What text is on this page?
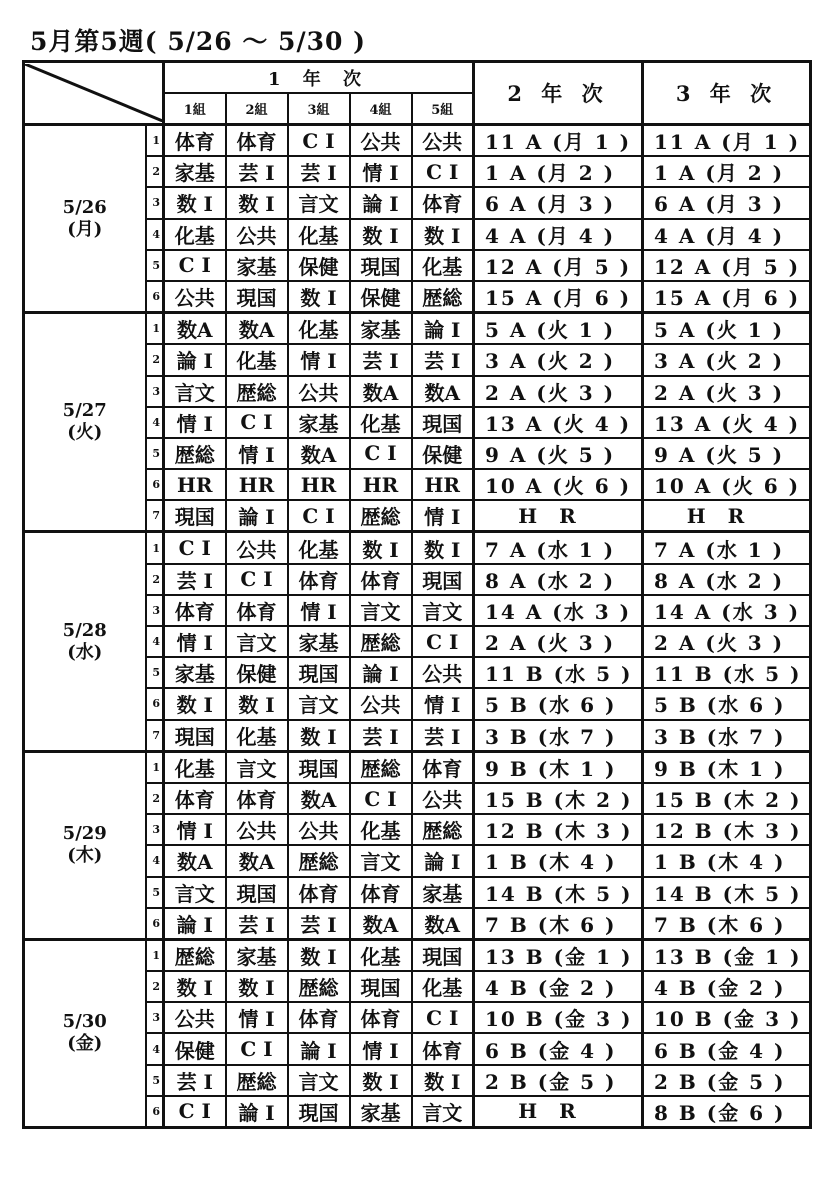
5月第5週( 5/26 〜 5/30 )
	1 年 次					2 年 次	3 年 次
		1組	2組	3組	4組	5組		

5/26
(月)	1	体育	体育	C I	公共	公共	11 A (月 1 )	11 A (月 1 )
	2	家基	芸 I	芸 I	情 I	C I	1 A (月 2 )	1 A (月 2 )
	3	数 I	数 I	言文	論 I	体育	6 A (月 3 )	6 A (月 3 )
	4	化基	公共	化基	数 I	数 I	4 A (月 4 )	4 A (月 4 )
	5	C I	家基	保健	現国	化基	12 A (月 5 )	12 A (月 5 )
	6	公共	現国	数 I	保健	歴総	15 A (月 6 )	15 A (月 6 )

5/27
(火)	1	数A	数A	化基	家基	論 I	5 A (火 1 )	5 A (火 1 )
	2	論 I	化基	情 I	芸 I	芸 I	3 A (火 2 )	3 A (火 2 )
	3	言文	歴総	公共	数A	数A	2 A (火 3 )	2 A (火 3 )
	4	情 I	C I	家基	化基	現国	13 A (火 4 )	13 A (火 4 )
	5	歴総	情 I	数A	C I	保健	9 A (火 5 )	9 A (火 5 )
	6	HR	HR	HR	HR	HR	10 A (火 6 )	10 A (火 6 )
	7	現国	論 I	C I	歴総	情 I	HR	HR

5/28
(水)	1	C I	公共	化基	数 I	数 I	7 A (水 1 )	7 A (水 1 )
	2	芸 I	C I	体育	体育	現国	8 A (水 2 )	8 A (水 2 )
	3	体育	体育	情 I	言文	言文	14 A (水 3 )	14 A (水 3 )
	4	情 I	言文	家基	歴総	C I	2 A (火 3 )	2 A (火 3 )
	5	家基	保健	現国	論 I	公共	11 B (水 5 )	11 B (水 5 )
	6	数 I	数 I	言文	公共	情 I	5 B (水 6 )	5 B (水 6 )
	7	現国	化基	数 I	芸 I	芸 I	3 B (水 7 )	3 B (水 7 )

5/29
(木)	1	化基	言文	現国	歴総	体育	9 B (木 1 )	9 B (木 1 )
	2	体育	体育	数A	C I	公共	15 B (木 2 )	15 B (木 2 )
	3	情 I	公共	公共	化基	歴総	12 B (木 3 )	12 B (木 3 )
	4	数A	数A	歴総	言文	論 I	1 B (木 4 )	1 B (木 4 )
	5	言文	現国	体育	体育	家基	14 B (木 5 )	14 B (木 5 )
	6	論 I	芸 I	芸 I	数A	数A	7 B (木 6 )	7 B (木 6 )

5/30
(金)	1	歴総	家基	数 I	化基	現国	13 B (金 1 )	13 B (金 1 )
	2	数 I	数 I	歴総	現国	化基	4 B (金 2 )	4 B (金 2 )
	3	公共	情 I	体育	体育	C I	10 B (金 3 )	10 B (金 3 )
	4	保健	C I	論 I	情 I	体育	6 B (金 4 )	6 B (金 4 )
	5	芸 I	歴総	言文	数 I	数 I	2 B (金 5 )	2 B (金 5 )
	6	C I	論 I	現国	家基	言文	HR	8 B (金 6 )
